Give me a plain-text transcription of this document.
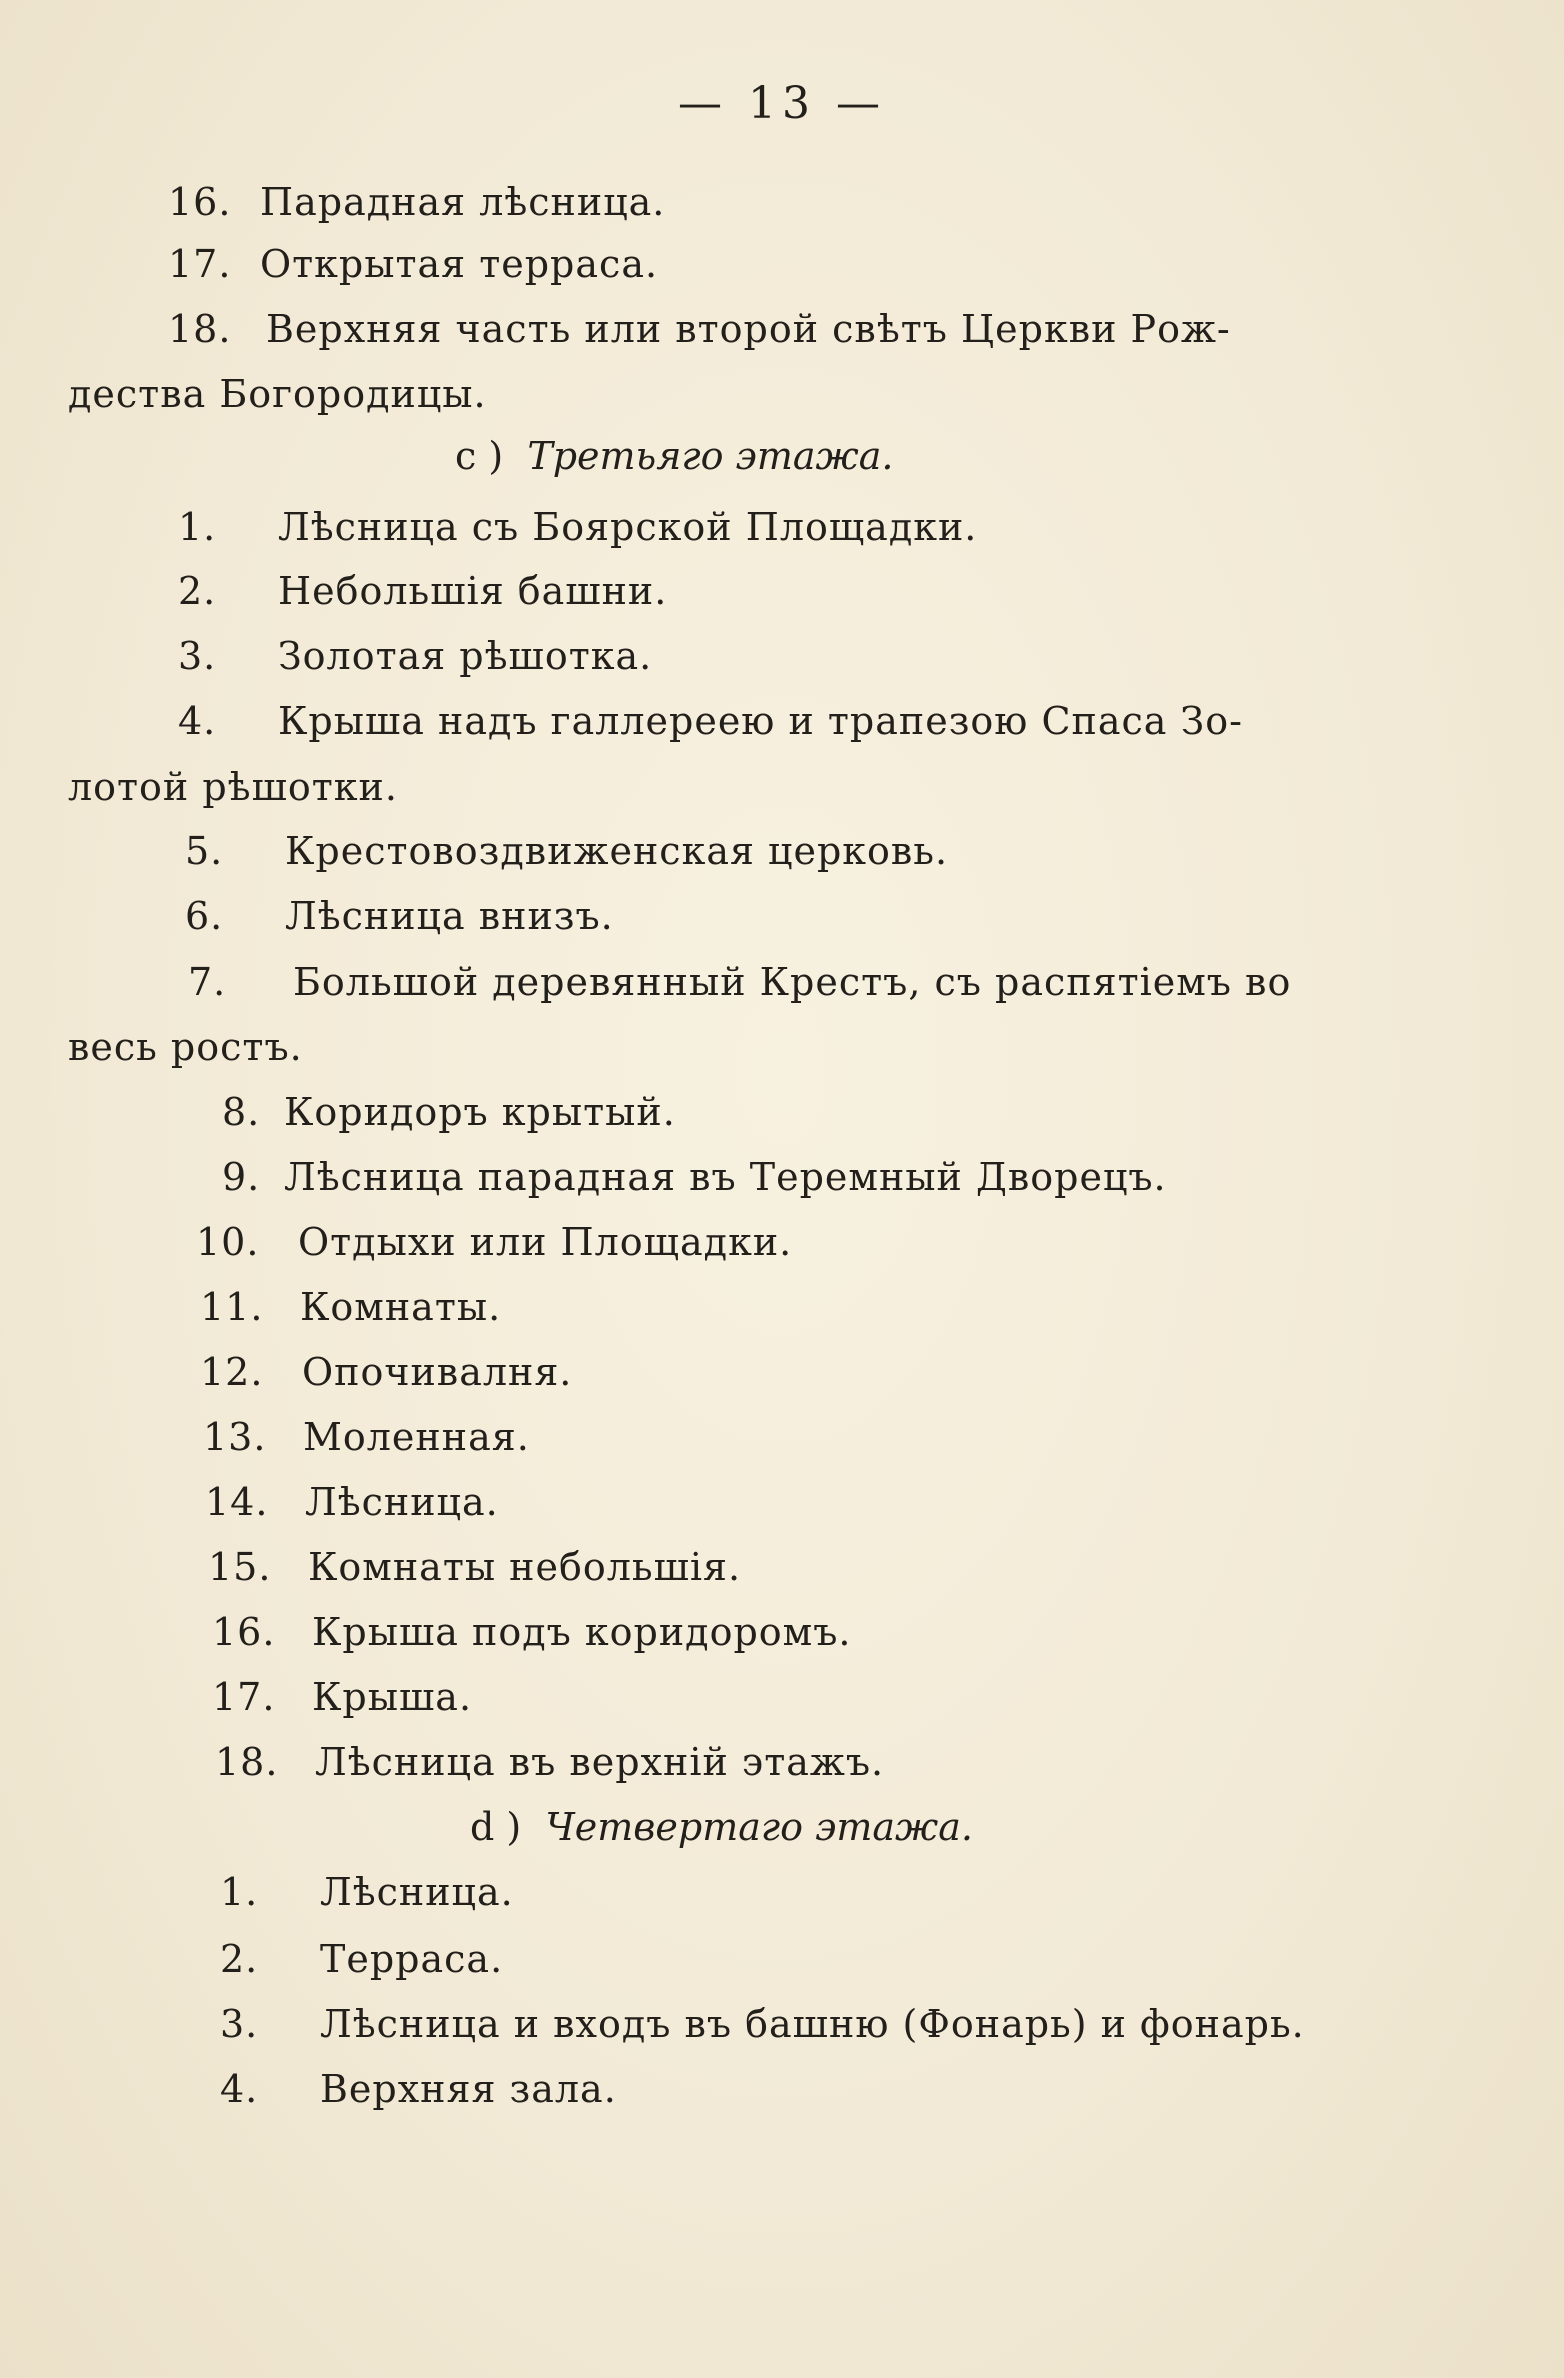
— 13 —
16. Парадная лѣсница.
17. Открытая терраса.
18. Верхняя часть или второй свѣтъ Церкви Рож-
дества Богородицы.
c ) Третьяго этажа.
1. Лѣсница съ Боярской Площадки.
2. Небольшія башни.
3. Золотая рѣшотка.
4. Крыша надъ галлереею и трапезою Спаса Зо-
лотой рѣшотки.
5. Крестовоздвиженская церковь.
6. Лѣсница внизъ.
7. Большой деревянный Крестъ, съ распятіемъ во
весь ростъ.
8. Коридоръ крытый.
9. Лѣсница парадная въ Теремный Дворецъ.
10. Отдыхи или Площадки.
11. Комнаты.
12. Опочивалня.
13. Моленная.
14. Лѣсница.
15. Комнаты небольшія.
16. Крыша подъ коридоромъ.
17. Крыша.
18. Лѣсница въ верхній этажъ.
d ) Четвертаго этажа.
1. Лѣсница.
2. Терраса.
3. Лѣсница и входъ въ башню (Фонарь) и фонарь.
4. Верхняя зала.
